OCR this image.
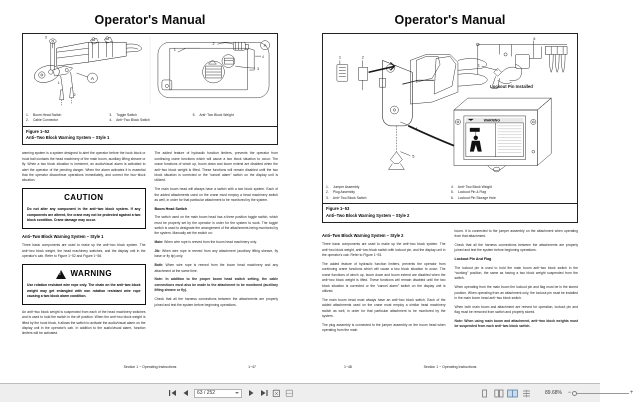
Operator's Manual
A
1
2
3
1
2
3
4
A
1. Boom Head Switch
2. Cable Connector
3. Toggle Switch
4. Anti−Two Block Switch
5. Anti−Two Block Weight
Figure 1–52
Anti−Two Block Warning System − Style 1

warning system is a system designed to alert the operator before the hook block or hook ball contacts the head machinery of the main boom, auxiliary lifting sheave or fly. When a two block situation is imminent, an audio/visual alarm is activated to alert the operator of the pending danger. When the alarm activates it is essential that the operator discontinue operations immediately, and correct the two−block situation.

CAUTION
Do not alter any component in the anti−two block system. If any components are altered, the crane may not be protected against a two block condition. Crane damage may occur.
Anti−Two Block Warning System − Style 1

Three basic components are used to make up the anti−two block system. The anti−two block weight, the head machinery switches, and the display unit in the operator's cab. Refer to Figure 1−52 and Figure 1−58.

!
WARNING
Use rotation resistant wire rope only. The chain on the anti−two block weight may get entangled with non rotation resistant wire rope causing a two block alarm condition.

An anti−two block weight is suspended from each of the head machinery switches and is used to hold the switch in the off position. When the anti−two block weight is lifted by the hook block, it allows the switch to activate the audio/visual alarm on the display unit in the operator's cab. In addition to the audio/visual alarm, function limiters will be activated.

The added feature of hydraulic function limiters, prevents the operator from continuing crane functions which will cause a two block situation to occur. The crane functions of winch up, boom down and boom extend are disabled when the anti−two block weight is lifted. These functions will remain disabled until the two block situation is corrected or the “cancel alarm” switch on the display unit is utilized.

The main boom head will always have a switch with a two block system. Each of the added attachments used on the crane must employ a head machinery switch as well, in order for that particular attachment to be monitored by the system.

Boom Head Switch

The switch used on the main boom head has a three position toggle switch, which must be properly set by the operator in order for the system to work. The toggle switch is used to designate the arrangement of the attachments being monitored by the system. Manually set the switch on:

Main: When wire rope is reeved from the boom head machinery only.

Jib: When wire rope is reeved from any attachment (auxiliary lifting sheave, fly base or fly tip) only.

Both: When wire rope is reeved from the boom head machinery and any attachment at the same time.

Note: In addition to the proper boom head switch setting, the cable connections must also be made to the attachment to be monitored (auxiliary lifting sheave or fly).

Check that all the harness connections between the attachments are properly joined and test the system before beginning operations.

Section 1 − Operating Instructions	1−47
Operator's Manual
1	2
4
5
6
1
Lockout Pin Installed
WARNING
1. Jumper Assembly
2. Plug Assembly
3. Anti−Two Block Switch
4. Anti−Two Block Weight
5. Lockout Pin & Flag
6. Lockout Pin Storage Hole
Figure 1−53
Anti−Two Block Warning System − Style 2
Anti−Two Block Warning System − Style 2

Three basic components are used to make up the anti−two block system. The anti−two block weight, anti−two block switch with lockout pin, and the display unit in the operator's cab. Refer to Figure 1−53.

The added feature of hydraulic function limiters, prevents the operator from continuing crane functions which will cause a two block situation to occur. The crane functions of winch up, boom down and boom extend are disabled when the anti−two block weight is lifted. These functions will remain disabled until the two block situation is corrected or the “cancel alarm” switch on the display unit is utilized.

The main boom head must always have an anti−two block switch. Each of the added attachments used on the crane must employ a similar head machinery switch as well, in order for that particular attachment to be monitored by the system.

The plug assembly is connected to the jumper assembly on the boom head when operating from the main

boom. It is connected to the jumper assembly on the attachment when operating from that attachment.

Check that all the harness connections between the attachments are properly joined and test the system before beginning operations.

Lockout Pin And Flag

The lockout pin is used to hold the main boom anti−two block switch in the “working” position, the same as having a two block weight suspended from the switch.

When operating from the main boom the lockout pin and flag must be in the stored position. When operating from an attachment only, the lockout pin must be installed in the main boom head anti−two block switch.

When both main boom and attachment are reeved for operation, lockout pin and flag must be removed from switch and properly stored.

Note: When using main boom and attachment, anti−two block weights must be suspended from each anti−two block switch.

1−48	Section 1 − Operating Instructions
63 / 252	89.68% −	+
